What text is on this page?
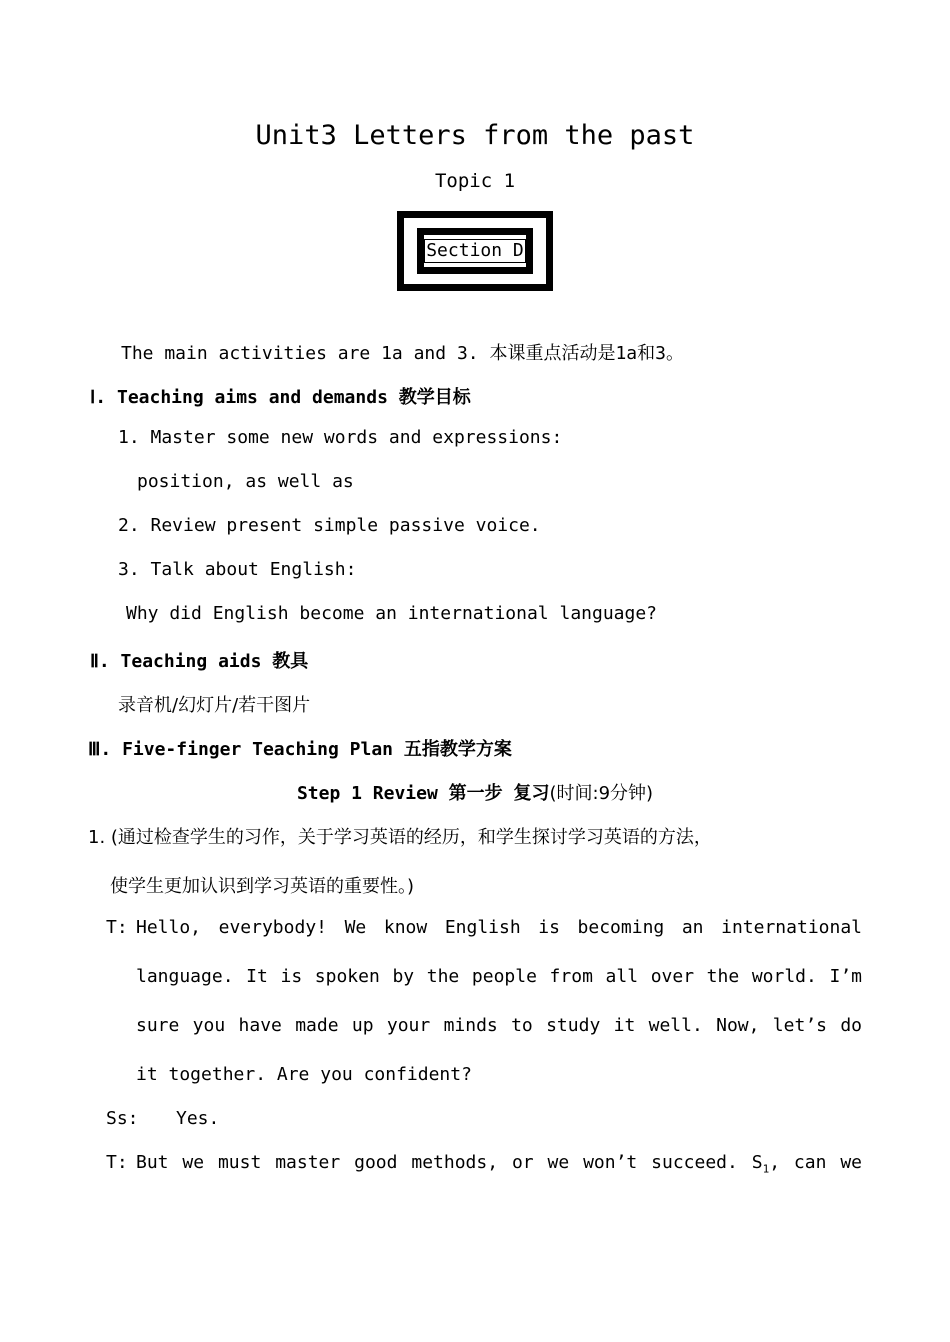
Unit3 Letters from the past
Topic 1
Section D
The main activities are 1a and 3. 本课重点活动是1a和3。
Ⅰ. Teaching aims and demands 教学目标
1. Master some new words and expressions:
position, as well as
2. Review present simple passive voice.
3. Talk about English:
Why did English become an international language?
Ⅱ. Teaching aids 教具
录音机/幻灯片/若干图片
Ⅲ. Five-finger Teaching Plan 五指教学方案
Step 1 Review 第一步 复习(时间:9分钟)
1. (通过检查学生的习作，关于学习英语的经历，和学生探讨学习英语的方法，
使学生更加认识到学习英语的重要性。)
T: Hello, everybody! We know English is becoming an international
language. It is spoken by the people from all over the world. I’m
sure you have made up your minds to study it well. Now, let’s do
it together. Are you confident?
Ss: Yes.
T: But we must master good methods, or we won’t succeed. $S_1$, can we
